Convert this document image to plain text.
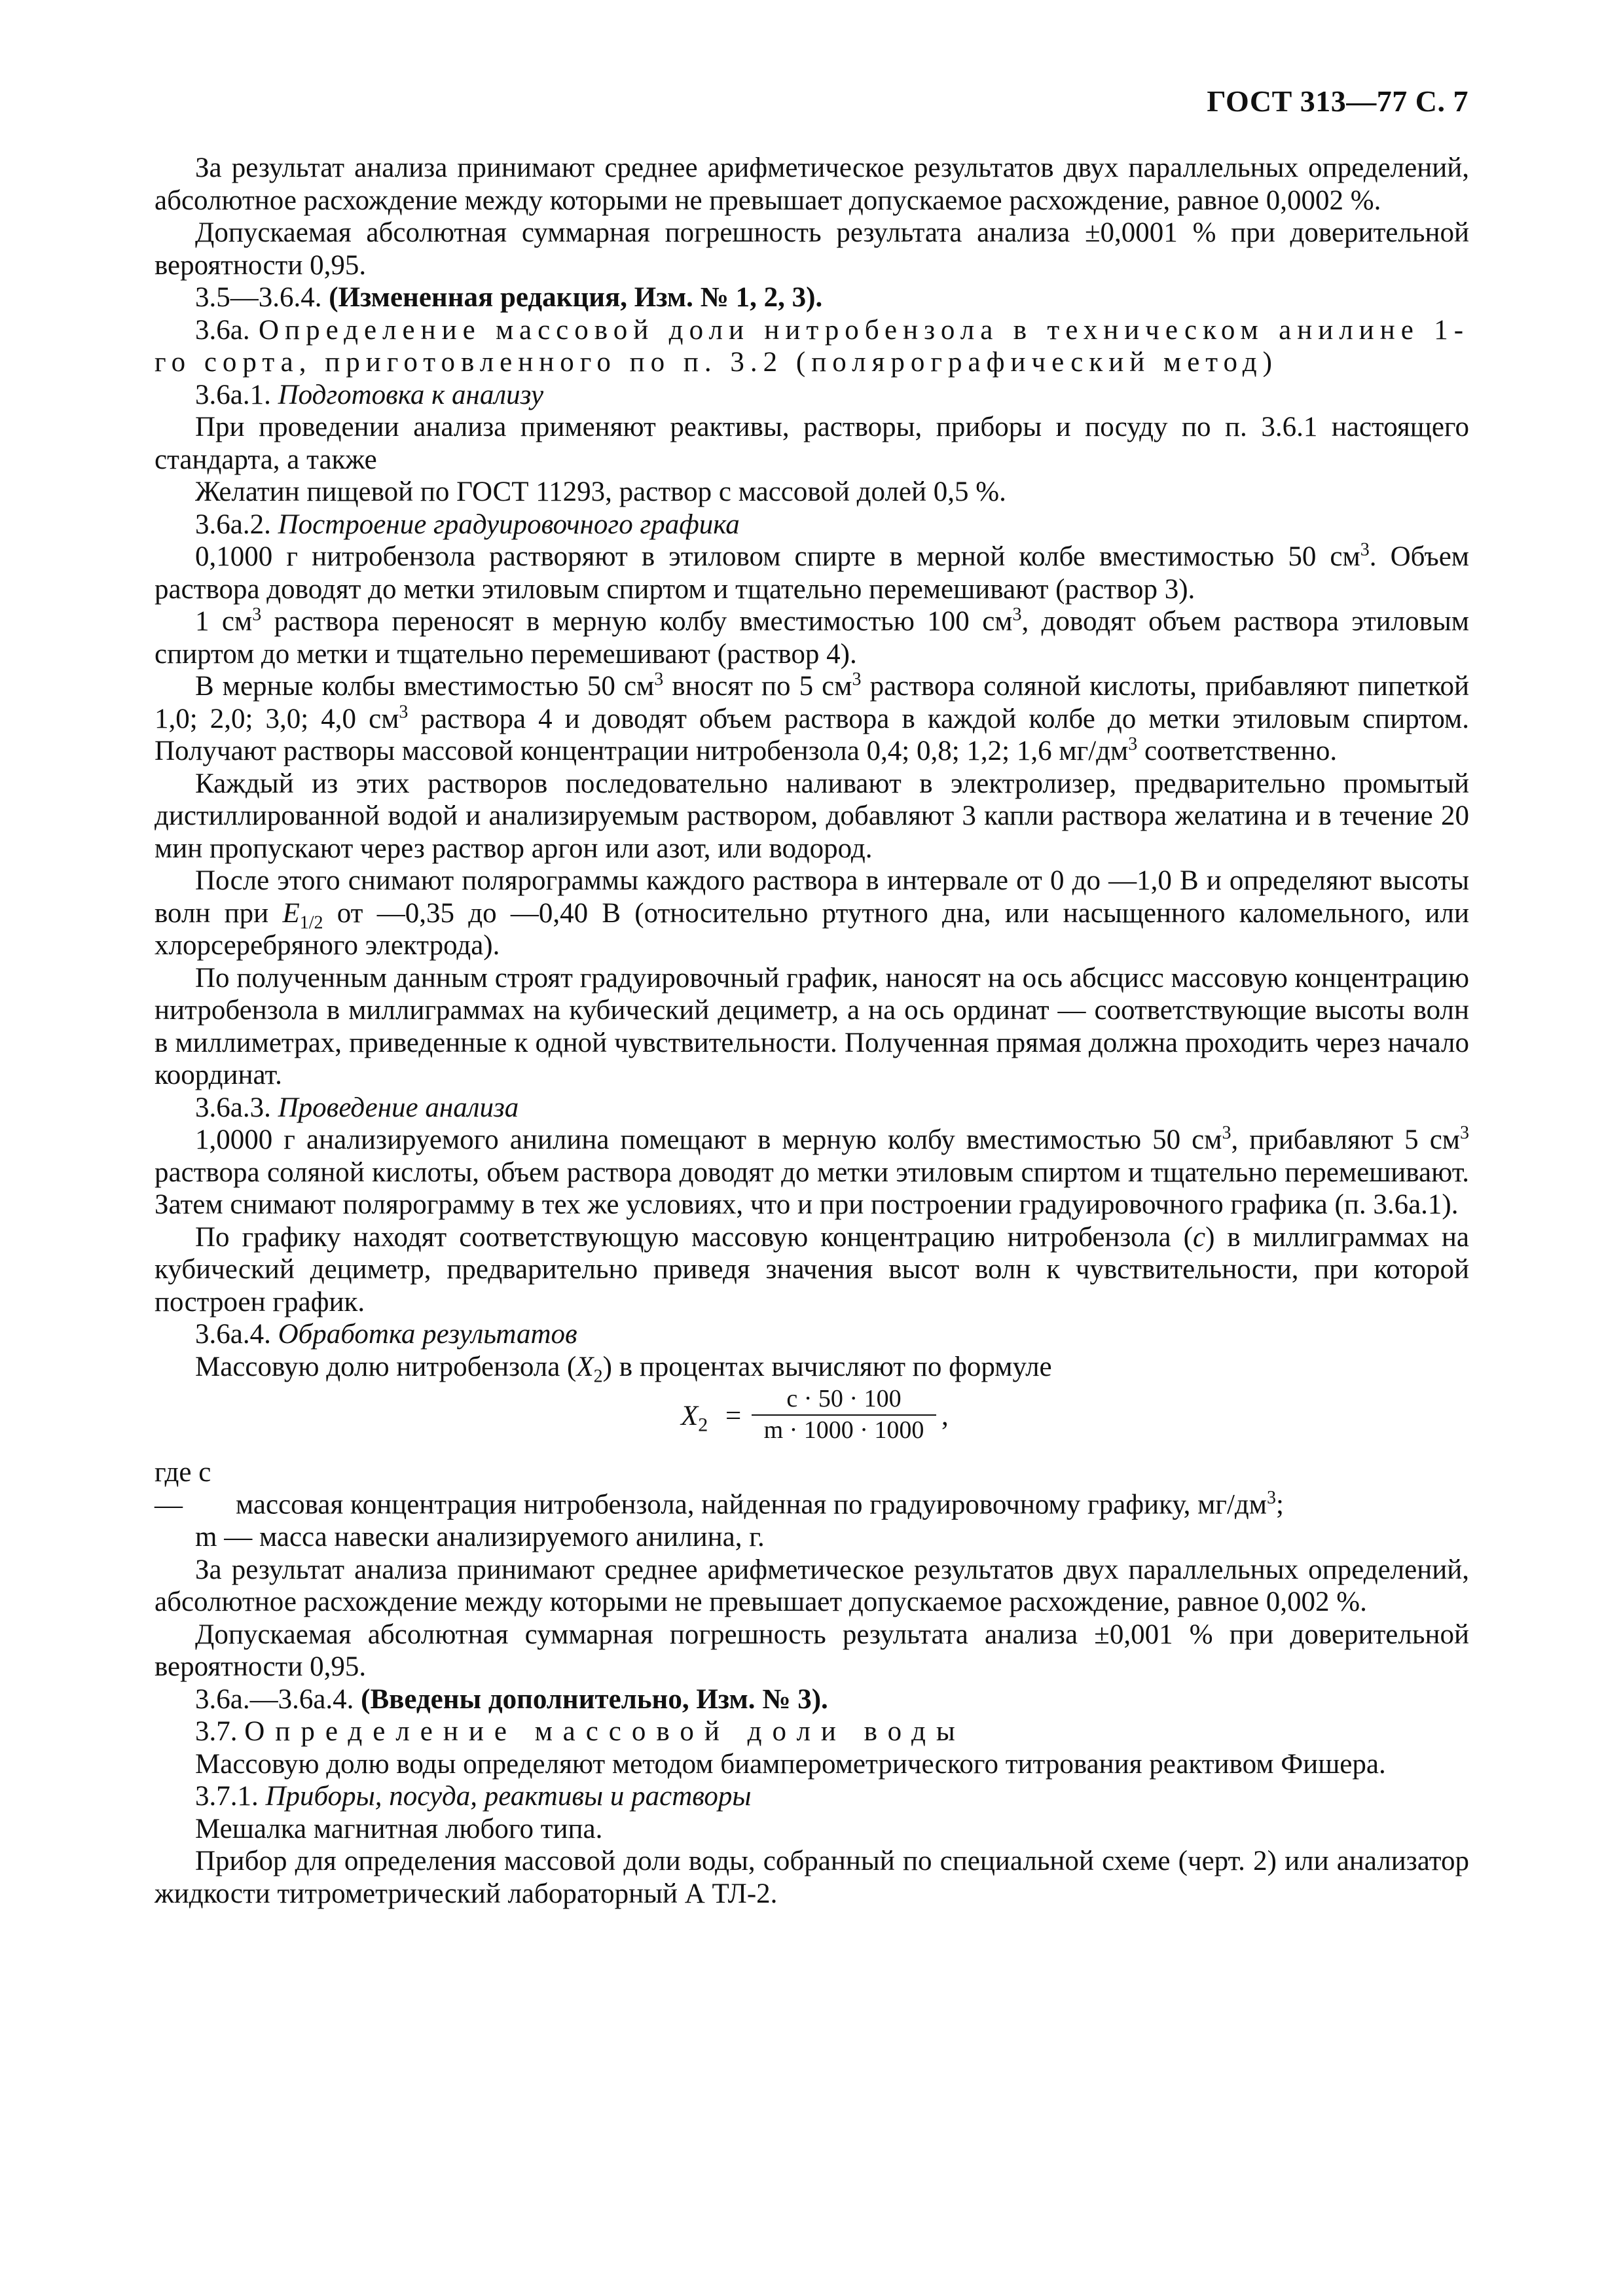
ГОСТ 313—77 С. 7

За результат анализа принимают среднее арифметическое результатов двух параллельных определений, абсолютное расхождение между которыми не превышает допускаемое расхождение, равное 0,0002 %.

Допускаемая абсолютная суммарная погрешность результата анализа ±0,0001 % при доверительной вероятности 0,95.

3.5—3.6.4. (Измененная редакция, Изм. № 1, 2, 3).

3.6а. Определение массовой доли нитробензола в техническом анилине 1-го сорта, приготовленного по п. 3.2 (полярографический метод)

3.6а.1. Подготовка к анализу

При проведении анализа применяют реактивы, растворы, приборы и посуду по п. 3.6.1 настоящего стандарта, а также

Желатин пищевой по ГОСТ 11293, раствор с массовой долей 0,5 %.

3.6а.2. Построение градуировочного графика

0,1000 г нитробензола растворяют в этиловом спирте в мерной колбе вместимостью 50 $см^3$. Объем раствора доводят до метки этиловым спиртом и тщательно перемешивают (раствор 3).

1 $см^3$ раствора переносят в мерную колбу вместимостью 100 $см^3$, доводят объем раствора этиловым спиртом до метки и тщательно перемешивают (раствор 4).

В мерные колбы вместимостью 50 $см^3$ вносят по 5 $см^3$ раствора соляной кислоты, прибавляют пипеткой 1,0; 2,0; 3,0; 4,0 $см^3$ раствора 4 и доводят объем раствора в каждой колбе до метки этиловым спиртом. Получают растворы массовой концентрации нитробензола 0,4; 0,8; 1,2; 1,6 $мг/дм^3$ соответственно.

Каждый из этих растворов последовательно наливают в электролизер, предварительно промытый дистиллированной водой и анализируемым раствором, добавляют 3 капли раствора желатина и в течение 20 мин пропускают через раствор аргон или азот, или водород.

После этого снимают полярограммы каждого раствора в интервале от 0 до —1,0 В и определяют высоты волн при $E_{1/2}$ от —0,35 до —0,40 В (относительно ртутного дна, или насыщенного каломельного, или хлорсеребряного электрода).

По полученным данным строят градуировочный график, наносят на ось абсцисс массовую концентрацию нитробензола в миллиграммах на кубический дециметр, а на ось ординат — соответствующие высоты волн в миллиметрах, приведенные к одной чувствительности. Полученная прямая должна проходить через начало координат.

3.6а.3. Проведение анализа

1,0000 г анализируемого анилина помещают в мерную колбу вместимостью 50 $см^3$, прибавляют 5 $см^3$ раствора соляной кислоты, объем раствора доводят до метки этиловым спиртом и тщательно перемешивают. Затем снимают полярограмму в тех же условиях, что и при построении градуировочного графика (п. 3.6а.1).

По графику находят соответствующую массовую концентрацию нитробензола (c) в миллиграммах на кубический дециметр, предварительно приведя значения высот волн к чувствительности, при которой построен график.

3.6а.4. Обработка результатов

Массовую долю нитробензола $(X_2)$ в процентах вычисляют по формуле

$X_2 = \frac{c \cdot 50 \cdot 100}{m \cdot 1000 \cdot 1000}$ ,

где c — массовая концентрация нитробензола, найденная по градуировочному графику, $мг/дм^3$;

m — масса навески анализируемого анилина, г.

За результат анализа принимают среднее арифметическое результатов двух параллельных определений, абсолютное расхождение между которыми не превышает допускаемое расхождение, равное 0,002 %.

Допускаемая абсолютная суммарная погрешность результата анализа ±0,001 % при доверительной вероятности 0,95.

3.6а.—3.6а.4. (Введены дополнительно, Изм. № 3).

3.7. Определение массовой доли воды

Массовую долю воды определяют методом биамперометрического титрования реактивом Фишера.

3.7.1. Приборы, посуда, реактивы и растворы

Мешалка магнитная любого типа.

Прибор для определения массовой доли воды, собранный по специальной схеме (черт. 2) или анализатор жидкости титрометрический лабораторный А ТЛ-2.
